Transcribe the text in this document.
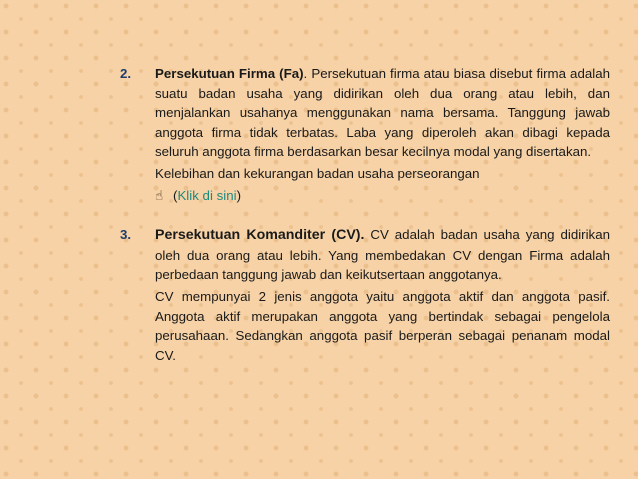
2. Persekutuan Firma (Fa). Persekutuan firma atau biasa disebut firma adalah suatu badan usaha yang didirikan oleh dua orang atau lebih, dan menjalankan usahanya menggunakan nama bersama. Tanggung jawab anggota firma tidak terbatas. Laba yang diperoleh akan dibagi kepada seluruh anggota firma berdasarkan besar kecilnya modal yang disertakan.

Kelebihan dan kekurangan badan usaha perseorangan

☝ (Klik di sini)

3. Persekutuan Komanditer (CV). CV adalah badan usaha yang didirikan oleh dua orang atau lebih. Yang membedakan CV dengan Firma adalah perbedaan tanggung jawab dan keikutsertaan anggotanya.

CV mempunyai 2 jenis anggota yaitu anggota aktif dan anggota pasif. Anggota aktif merupakan anggota yang bertindak sebagai pengelola perusahaan. Sedangkan anggota pasif berperan sebagai penanam modal CV.
